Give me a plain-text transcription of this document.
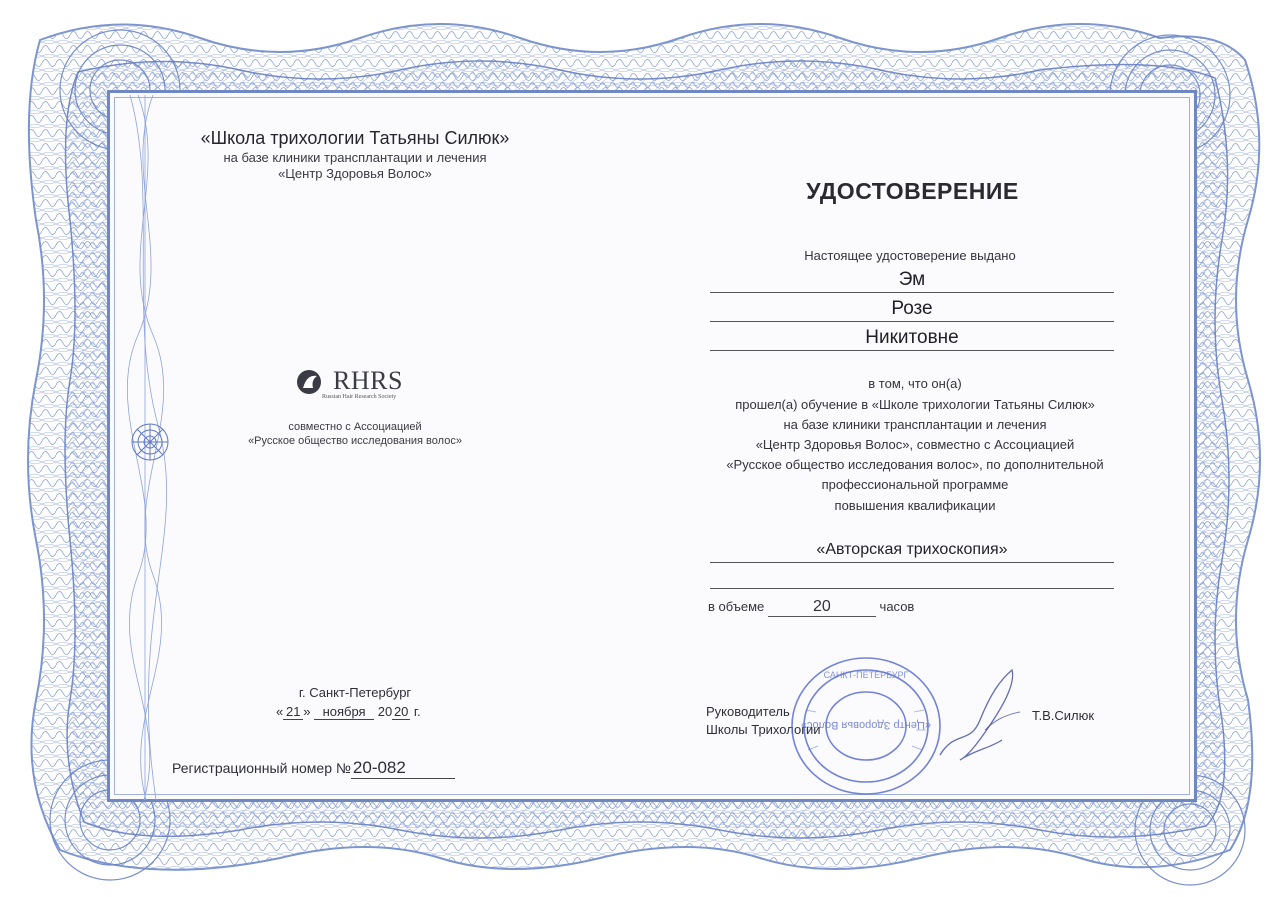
«Школа трихологии Татьяны Силюк»
на базе клиники трансплантации и лечения
«Центр Здоровья Волос»
RHRS
Russian Hair Research Society
совместно с Ассоциацией
«Русское общество исследования волос»
г. Санкт-Петербург
« 21 » ноября 20 20 г.
Регистрационный номер № 20-082
УДОСТОВЕРЕНИЕ
Настоящее удостоверение выдано
Эм
Розе
Никитовне
в том, что он(а)
прошел(а) обучение в «Школе трихологии Татьяны Силюк»
на базе клиники трансплантации и лечения
«Центр Здоровья Волос», совместно с Ассоциацией
«Русское общество исследования волос», по дополнительной
профессиональной программе
повышения квалификации
«Авторская трихоскопия»
в объеме	20	часов
Руководитель
Школы Трихологии
Т.В.Силюк
САНКТ-ПЕТЕРБУРГ
«Центр Здоровья Волос»
